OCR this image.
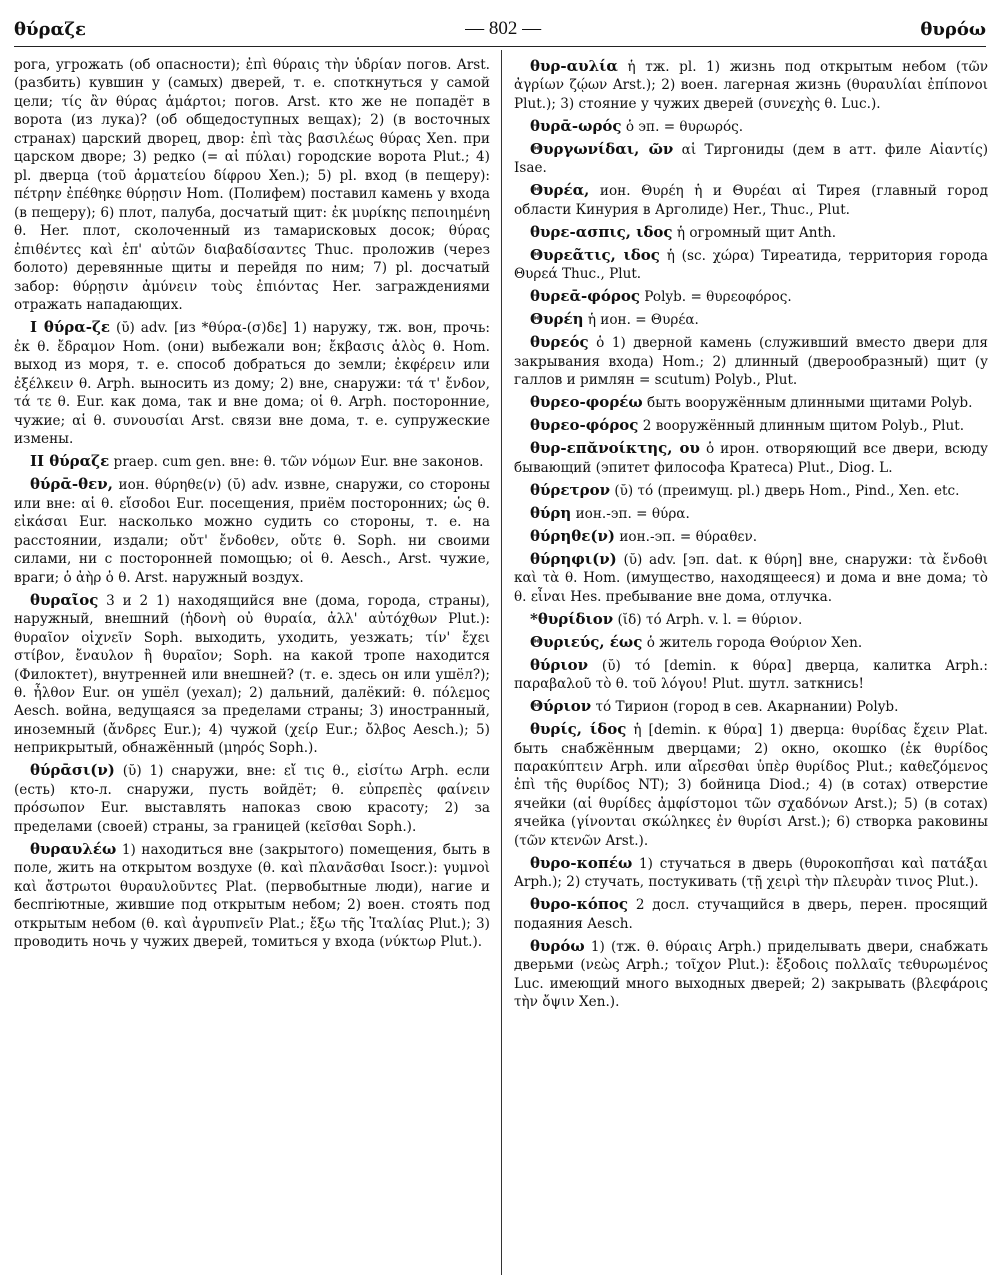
θύραζε	— 802 —	θυρόω

рога, угрожать (об опасности); ἐπὶ θύραις τὴν ὑδρίαν погов. Arst. (разбить) кувшин у (самых) дверей, т. е. споткнуться у самой цели; τίς ἂν θύρας ἁμάρτοι; погов. Arst. кто же не попадёт в ворота (из лука)? (об общедоступных вещах); 2) (в восточных странах) царский дворец, двор: ἐπὶ τὰς βασιλέως θύρας Xen. при царском дворе; 3) редко (= αἱ πύλαι) городские ворота Plut.; 4) pl. дверца (τοῦ ἁρματείου δίφρου Xen.); 5) pl. вход (в пещеру): πέτρην ἐπέθηκε θύρῃσιν Hom. (Полифем) поставил камень у входа (в пещеру); 6) плот, палуба, досчатый щит: ἐκ μυρίκης πεποιημένη θ. Her. плот, сколоченный из тамарисковых досок; θύρας ἐπιθέντες καὶ ἐπ' αὐτῶν διαβαδίσαντες Thuc. проложив (через болото) деревянные щиты и перейдя по ним; 7) pl. досчатый забор: θύρῃσιν ἀμύνειν τοὺς ἐπιόντας Her. заграждениями отражать нападающих.

I θύρα-ζε (ῠ) adv. [из *θύρα-(σ)δε] 1) наружу, тж. вон, прочь: ἐκ θ. ἔδραμον Hom. (они) выбежали вон; ἔκβασις ἁλὸς θ. Hom. выход из моря, т. е. способ добраться до земли; ἐκφέρειν или ἐξέλκειν θ. Arph. выносить из дому; 2) вне, снаружи: τά τ' ἔνδον, τά τε θ. Eur. как дома, так и вне дома; οἱ θ. Arph. посторонние, чужие; αἱ θ. συνουσίαι Arst. связи вне дома, т. е. супружеские измены.

II θύραζε praep. cum gen. вне: θ. τῶν νόμων Eur. вне законов.

θύρᾱ-θεν, ион. θύρηθε(ν) (ῠ) adv. извне, снаружи, со стороны или вне: αἱ θ. εἴσοδοι Eur. посещения, приём посторонних; ὡς θ. εἰκάσαι Eur. насколько можно судить со стороны, т. е. на расстоянии, издали; οὔτ' ἔνδοθεν, οὔτε θ. Soph. ни своими силами, ни с посторонней помощью; οἱ θ. Aesch., Arst. чужие, враги; ὁ ἀὴρ ὁ θ. Arst. наружный воздух.

θυραῖος 3 и 2 1) находящийся вне (дома, города, страны), наружный, внешний (ἡδονὴ οὐ θυραία, ἀλλ' αὐτόχθων Plut.): θυραῖον οἰχνεῖν Soph. выходить, уходить, уезжать; τίν' ἔχει στίβον, ἔναυλον ἢ θυραῖον; Soph. на какой тропе находится (Филоктет), внутренней или внешней? (т. е. здесь он или ушёл?); θ. ἦλθον Eur. он ушёл (уехал); 2) дальний, далёкий: θ. πόλεμος Aesch. война, ведущаяся за пределами страны; 3) иностранный, иноземный (ἄνδρες Eur.); 4) чужой (χείρ Eur.; ὄλβος Aesch.); 5) неприкрытый, обнажённый (μηρός Soph.).

θύρᾱσι(ν) (ῠ) 1) снаружи, вне: εἴ τις θ., εἰσίτω Arph. если (есть) кто-л. снаружи, пусть войдёт; θ. εὐπρεπὲς φαίνειν πρόσωπον Eur. выставлять напоказ свою красоту; 2) за пределами (своей) страны, за границей (κεῖσθαι Soph.).

θυραυλέω 1) находиться вне (закрытого) помещения, быть в поле, жить на открытом воздухе (θ. καὶ πλανᾶσθαι Isocr.): γυμνοὶ καὶ ἄστρωτοι θυραυλοῦντες Plat. (первобытные люди), нагие и беспriютные, жившие под открытым небом; 2) воен. стоять под открытым небом (θ. καὶ ἀγρυπνεῖν Plat.; ἔξω τῆς Ἰταλίας Plut.); 3) проводить ночь у чужих дверей, томиться у входа (νύκτωρ Plut.).

θυρ-αυλία ἡ тж. pl. 1) жизнь под открытым небом (τῶν ἀγρίων ζῴων Arst.); 2) воен. лагерная жизнь (θυραυλίαι ἐπίπονοι Plut.); 3) стояние у чужих дверей (συνεχὴς θ. Luc.).

θυρᾱ-ωρός ὁ эп. = θυρωρός.

Θυργωνίδαι, ῶν αἱ Тиргониды (дем в атт. филе Αἰαντίς) Isae.

Θυρέα, ион. Θυρέη ἡ и Θυρέαι αἱ Тирея (главный город области Кинурия в Арголиде) Her., Thuc., Plut.

θυρε-ασπις, ιδος ἡ огромный щит Anth.

Θυρεᾶτις, ιδος ἡ (sc. χώρα) Тиреатида, территория города Θυρεά Thuc., Plut.

θυρεᾱ-φόρος Polyb. = θυρεοφόρος.

Θυρέη ἡ ион. = Θυρέα.

θυρεός ὁ 1) дверной камень (служивший вместо двери для закрывания входа) Hom.; 2) длинный (дверообразный) щит (у галлов и римлян = scutum) Polyb., Plut.

θυρεο-φορέω быть вооружённым длинными щитами Polyb.

θυρεο-φόρος 2 вооружённый длинным щитом Polyb., Plut.

θυρ-επᾰνοίκτης, ου ὁ ирон. отворяющий все двери, всюду бывающий (эпитет философа Кратеса) Plut., Diog. L.

θύρετρον (ῠ) τό (преимущ. pl.) дверь Hom., Pind., Xen. etc.

θύρη ион.-эп. = θύρα.

θύρηθε(ν) ион.-эп. = θύραθεν.

θύρηφι(ν) (ῠ) adv. [эп. dat. к θύρη] вне, снаружи: τὰ ἔνδοθι καὶ τὰ θ. Hom. (имущество, находящееся) и дома и вне дома; τὸ θ. εἶναι Hes. пребывание вне дома, отлучка.

*θυρίδιον (ῐδ) τό Arph. v. l. = θύριον.

Θυριεύς, έως ὁ житель города Θούριον Xen.

θύριον (ῠ) τό [demin. к θύρα] дверца, калитка Arph.: παραβαλοῦ τὸ θ. τοῦ λόγου! Plut. шутл. заткнись!

Θύριον τό Тирион (город в сев. Акарнании) Polyb.

θυρίς, ίδος ἡ [demin. к θύρα] 1) дверца: θυρίδας ἔχειν Plat. быть снабжённым дверцами; 2) окно, окошко (ἐκ θυρίδος παρακύπτειν Arph. или αἴρεσθαι ὑπὲρ θυρίδος Plut.; καθεζόμενος ἐπὶ τῆς θυρίδος NT); 3) бойница Diod.; 4) (в сотах) отверстие ячейки (αἱ θυρίδες ἀμφίστομοι τῶν σχαδόνων Arst.); 5) (в сотах) ячейка (γίνονται σκώληκες ἐν θυρίσι Arst.); 6) створка раковины (τῶν κτενῶν Arst.).

θυρο-κοπέω 1) стучаться в дверь (θυροκοπῆσαι καὶ πατάξαι Arph.); 2) стучать, постукивать (τῇ χειρὶ τὴν πλευρὰν τινος Plut.).

θυρο-κόπος 2 досл. стучащийся в дверь, перен. просящий подаяния Aesch.

θυρόω 1) (тж. θ. θύραις Arph.) приделывать двери, снабжать дверьми (νεὼς Arph.; τοῖχον Plut.): ἔξοδοις πολλαῖς τεθυρωμένος Luc. имеющий много выходных дверей; 2) закрывать (βλεφάροις τὴν ὄψιν Xen.).
